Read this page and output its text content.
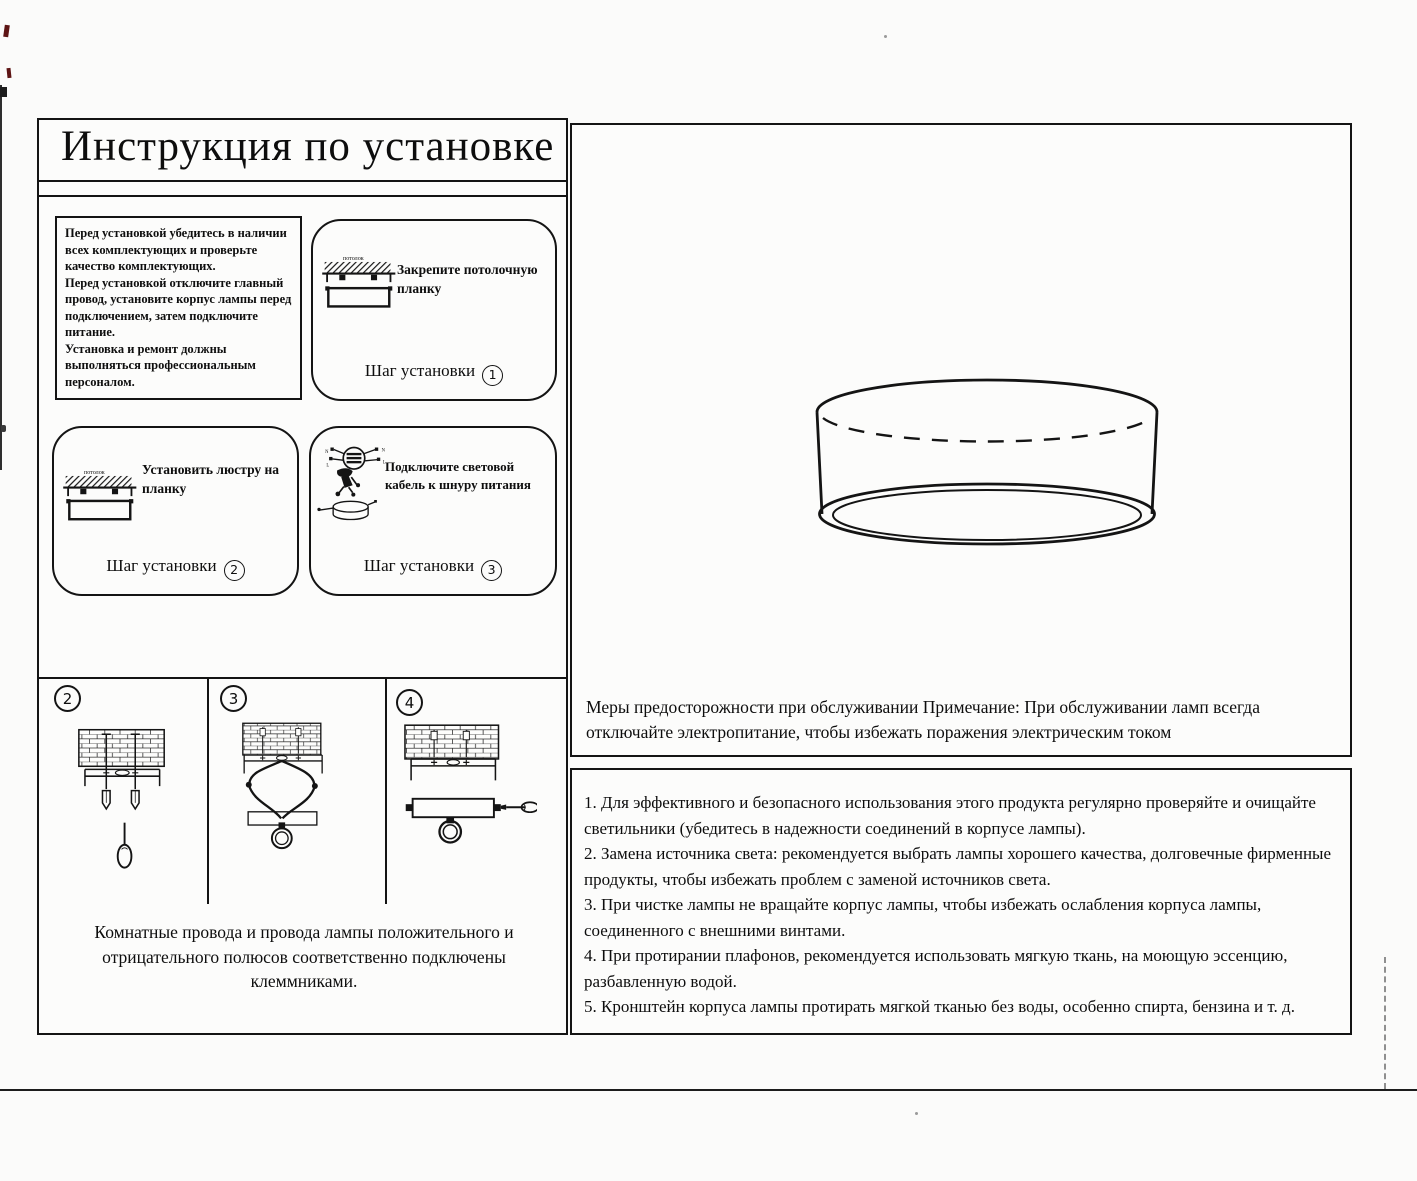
Инструкция по установке

Перед установкой убедитесь в наличии всех комплектующих и проверьте качество комплектующих.

Перед установкой отключите главный провод, установите корпус лампы перед подключением, затем подключите питание.

Установка и ремонт должны выполняться профессиональным персоналом.

потолок
Закрепите потолочную планку
Шаг установки 1
потолок	Установить люстру на планку
Шаг установки 2
N
L
N
L Подключите световой кабель к шнуру питания
Шаг установки 3
2	3	4
Комнатные провода и провода лампы положительного и отрицательного полюсов соответственно подключены клеммниками.
Меры предосторожности при обслуживании Примечание: При обслуживании ламп всегда отключайте электропитание, чтобы избежать поражения электрическим током
1. Для эффективного и безопасного использования этого продукта регулярно проверяйте и очищайте светильники (убедитесь в надежности соединений в корпусе лампы).
2. Замена источника света: рекомендуется выбрать лампы хорошего качества, долговечные фирменные продукты, чтобы избежать проблем с заменой источников света.
3. При чистке лампы не вращайте корпус лампы, чтобы избежать ослабления корпуса лампы, соединенного с внешними винтами.
4. При протирании плафонов, рекомендуется использовать мягкую ткань, на моющую эссенцию, разбавленную водой.
5. Кронштейн корпуса лампы протирать мягкой тканью без воды, особенно спирта, бензина и т. д.
